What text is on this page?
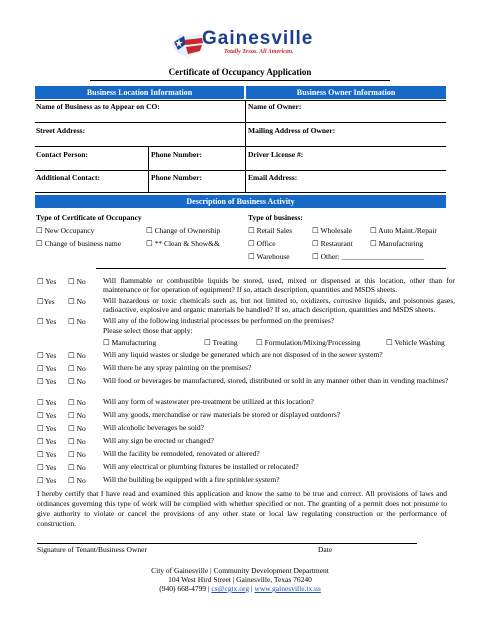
Gainesville
Totally Texas. All American.
Certificate of Occupancy Application
Business Location Information	Business Owner Information
Name of Business as to Appear on CO:	Name of Owner:
Street Address:	Mailing Address of Owner:
Contact Person:	Phone Number:	Driver License #:
Additional Contact:	Phone Number:	Email Address:
Description of Business Activity
Type of Certificate of Occupancy
☐ New Occupancy	☐ Change of Ownership
☐ Change of business name	☐ ** Clean & Show&&
Type of business:
☐ Retail Sales	☐ Wholesale ☐ Auto Maint./Repair
☐ Office	☐ Restaurant ☐ Manufacturing
☐ Warehouse	☐ Other: ______________________
☐ Yes ☐ No Will flammable or combustible liquids be stored, used, mixed or dispensed at this location, other than for maintenance or for operation of equipment? If so, attach description, quantities and MSDS sheets.
☐Yes ☐ No Will hazardous or toxic chemicals such as, but not limited to, oxidizers, corrosive liquids, and poisonous gases, radioactive, explosive and organic materials be handled? If so, attach description, quantities and MSDS sheets.
☐ Yes ☐ No Will any of the following industrial processes be performed on the premises?
Please select those that apply:
☐ Manufacturing	☐ Treating ☐ Formulation/Mixing/Processing	☐ Vehicle Washing
☐ Yes ☐ No Will any liquid wastes or sludge be generated which are not disposed of in the sewer system?
☐ Yes ☐ No Will there be any spray painting on the premises?
☐ Yes ☐ No Will food or beverages be manufactured, stored, distributed or sold in any manner other than in vending machines?
☐ Yes ☐ No Will any form of wastewater pre-treatment be utilized at this location?
☐ Yes ☐ No Will any goods, merchandise or raw materials be stored or displayed outdoors?
☐ Yes ☐ No Will alcoholic beverages be sold?
☐ Yes ☐ No Will any sign be erected or changed?
☐ Yes ☐ No Will the facility be remodeled, renovated or altered?
☐ Yes ☐ No Will any electrical or plumbing fixtures be installed or relocated?
☐ Yes ☐ No Will the building be equipped with a fire sprinkler system?
I hereby certify that I have read and examined this application and know the same to be true and correct. All provisions of laws and ordinances governing this type of work will be complied with whether specified or not. The granting of a permit does not presume to give authority to violate or cancel the provisions of any other state or local law regulating construction or the performance of construction.
Signature of Tenant/Business Owner	Date
City of Gainesville | Community Development Department
104 West Hird Street | Gainesville, Texas 76240
(940) 668-4799 | cs@cgtx.org | www.gainesville.tx.us
